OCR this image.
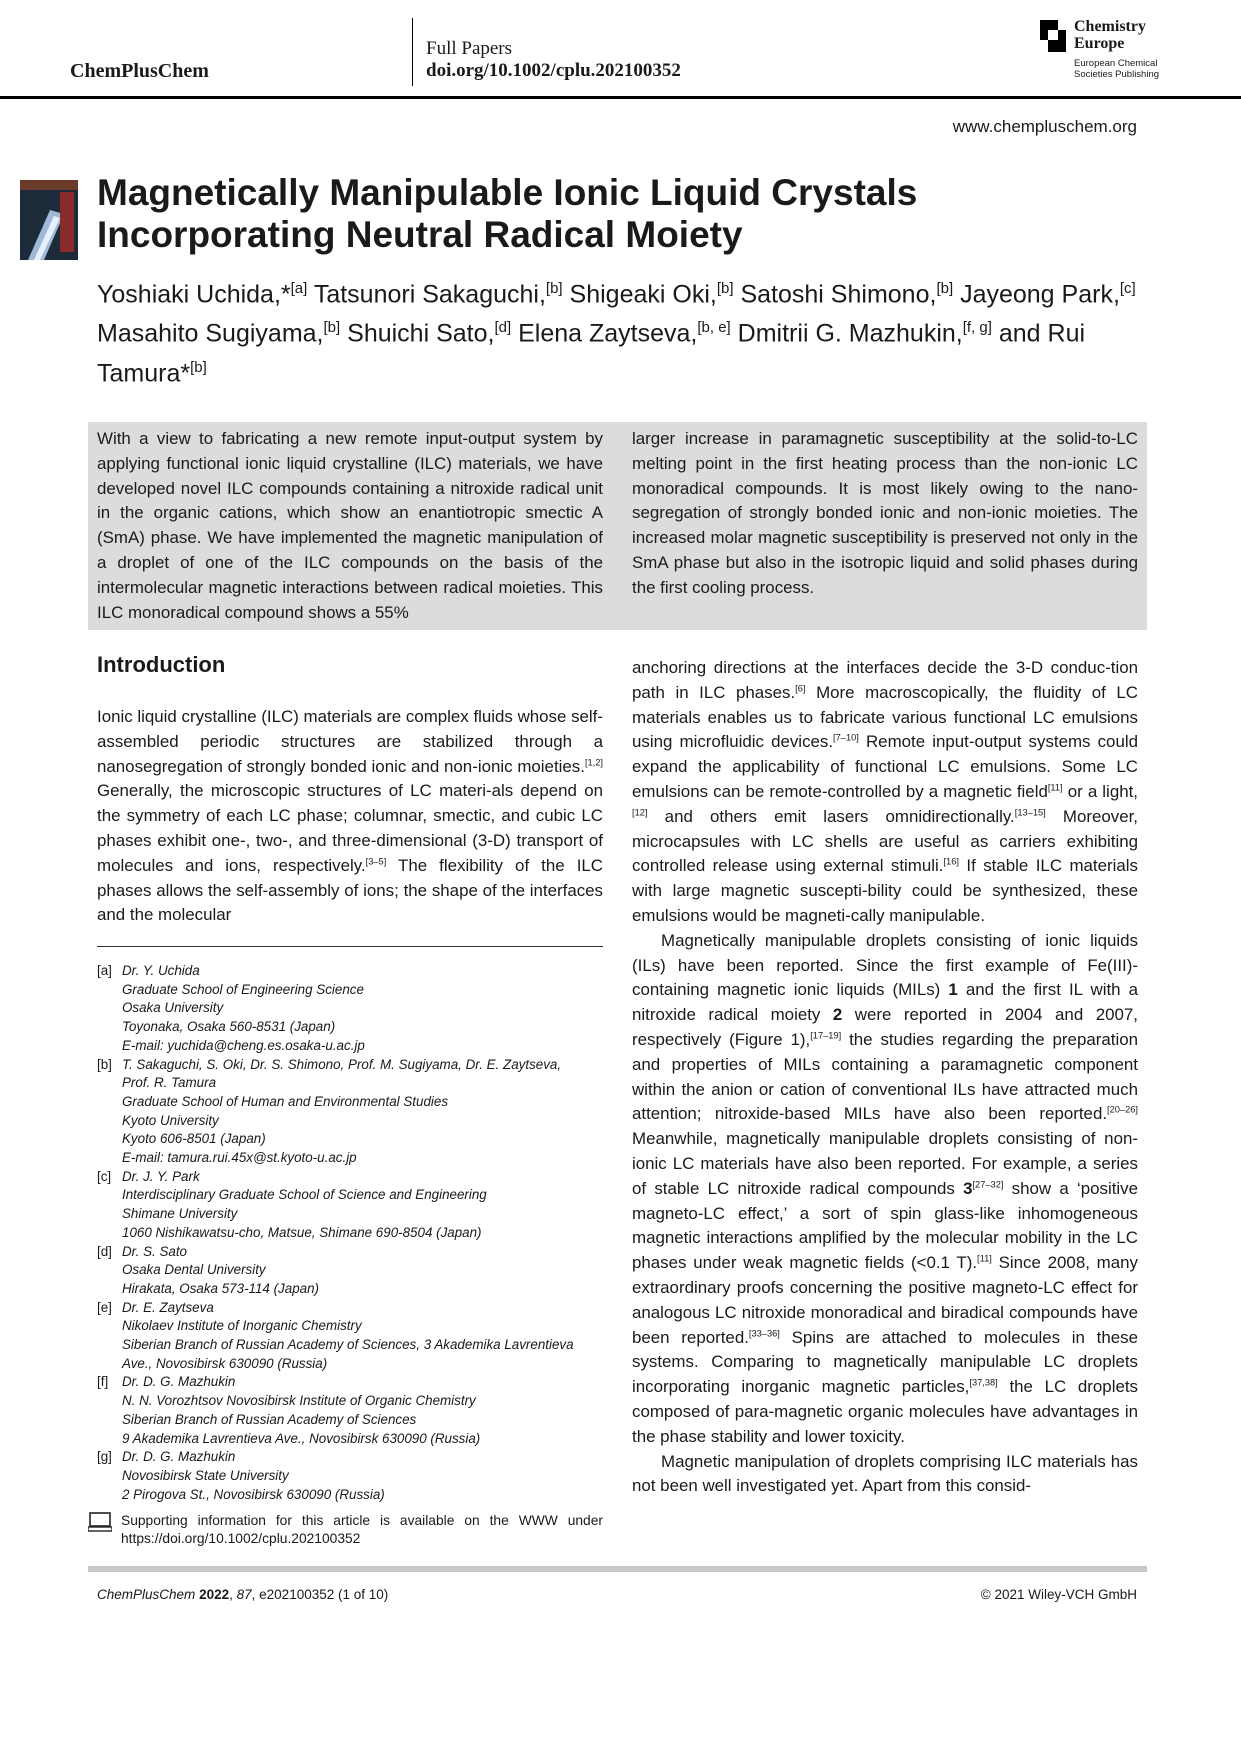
ChemPlusChem
Full Papers
doi.org/10.1002/cplu.202100352
Chemistry Europe
European Chemical Societies Publishing
www.chempluschem.org
Magnetically Manipulable Ionic Liquid Crystals Incorporating Neutral Radical Moiety

Yoshiaki Uchida,*[a] Tatsunori Sakaguchi,[b] Shigeaki Oki,[b] Satoshi Shimono,[b] Jayeong Park,[c] Masahito Sugiyama,[b] Shuichi Sato,[d] Elena Zaytseva,[b, e] Dmitrii G. Mazhukin,[f, g] and Rui Tamura*[b]

With a view to fabricating a new remote input-output system by applying functional ionic liquid crystalline (ILC) materials, we have developed novel ILC compounds containing a nitroxide radical unit in the organic cations, which show an enantiotropic smectic A (SmA) phase. We have implemented the magnetic manipulation of a droplet of one of the ILC compounds on the basis of the intermolecular magnetic interactions between radical moieties. This ILC monoradical compound shows a 55%

larger increase in paramagnetic susceptibility at the solid-to-LC melting point in the first heating process than the non-ionic LC monoradical compounds. It is most likely owing to the nano-segregation of strongly bonded ionic and non-ionic moieties. The increased molar magnetic susceptibility is preserved not only in the SmA phase but also in the isotropic liquid and solid phases during the first cooling process.

Introduction

Ionic liquid crystalline (ILC) materials are complex fluids whose self-assembled periodic structures are stabilized through a nanosegregation of strongly bonded ionic and non-ionic moieties.[1,2] Generally, the microscopic structures of LC materi-als depend on the symmetry of each LC phase; columnar, smectic, and cubic LC phases exhibit one-, two-, and three-dimensional (3-D) transport of molecules and ions, respectively.[3–5] The flexibility of the ILC phases allows the self-assembly of ions; the shape of the interfaces and the molecular

anchoring directions at the interfaces decide the 3-D conduc-tion path in ILC phases.[6] More macroscopically, the fluidity of LC materials enables us to fabricate various functional LC emulsions using microfluidic devices.[7–10] Remote input-output systems could expand the applicability of functional LC emulsions. Some LC emulsions can be remote-controlled by a magnetic field[11] or a light,[12] and others emit lasers omnidirectionally.[13–15] Moreover, microcapsules with LC shells are useful as carriers exhibiting controlled release using external stimuli.[16] If stable ILC materials with large magnetic suscepti-bility could be synthesized, these emulsions would be magneti-cally manipulable.

Magnetically manipulable droplets consisting of ionic liquids (ILs) have been reported. Since the first example of Fe(III)-containing magnetic ionic liquids (MILs) 1 and the first IL with a nitroxide radical moiety 2 were reported in 2004 and 2007, respectively (Figure 1),[17–19] the studies regarding the preparation and properties of MILs containing a paramagnetic component within the anion or cation of conventional ILs have attracted much attention; nitroxide-based MILs have also been reported.[20–26] Meanwhile, magnetically manipulable droplets consisting of non-ionic LC materials have also been reported. For example, a series of stable LC nitroxide radical compounds 3[27–32] show a ‘positive magneto-LC effect,’ a sort of spin glass-like inhomogeneous magnetic interactions amplified by the molecular mobility in the LC phases under weak magnetic fields (<0.1 T).[11] Since 2008, many extraordinary proofs concerning the positive magneto-LC effect for analogous LC nitroxide monoradical and biradical compounds have been reported.[33–36] Spins are attached to molecules in these systems. Comparing to magnetically manipulable LC droplets incorporating inorganic magnetic particles,[37,38] the LC droplets composed of para-magnetic organic molecules have advantages in the phase stability and lower toxicity.

Magnetic manipulation of droplets comprising ILC materials has not been well investigated yet. Apart from this consid-

[a] Dr. Y. Uchida
Graduate School of Engineering Science
Osaka University
Toyonaka, Osaka 560-8531 (Japan)
E-mail: yuchida@cheng.es.osaka-u.ac.jp
[b] T. Sakaguchi, S. Oki, Dr. S. Shimono, Prof. M. Sugiyama, Dr. E. Zaytseva,
Prof. R. Tamura
Graduate School of Human and Environmental Studies
Kyoto University
Kyoto 606-8501 (Japan)
E-mail: tamura.rui.45x@st.kyoto-u.ac.jp
[c] Dr. J. Y. Park
Interdisciplinary Graduate School of Science and Engineering
Shimane University
1060 Nishikawatsu-cho, Matsue, Shimane 690-8504 (Japan)
[d] Dr. S. Sato
Osaka Dental University
Hirakata, Osaka 573-114 (Japan)
[e] Dr. E. Zaytseva
Nikolaev Institute of Inorganic Chemistry
Siberian Branch of Russian Academy of Sciences, 3 Akademika Lavrentieva
Ave., Novosibirsk 630090 (Russia)
[f]	Dr. D. G. Mazhukin
N. N. Vorozhtsov Novosibirsk Institute of Organic Chemistry
Siberian Branch of Russian Academy of Sciences
9 Akademika Lavrentieva Ave., Novosibirsk 630090 (Russia)
[g] Dr. D. G. Mazhukin
Novosibirsk State University
2 Pirogova St., Novosibirsk 630090 (Russia)
Supporting information for this article is available on the WWW under https://doi.org/10.1002/cplu.202100352
ChemPlusChem 2022, 87, e202100352 (1 of 10)	© 2021 Wiley-VCH GmbH
